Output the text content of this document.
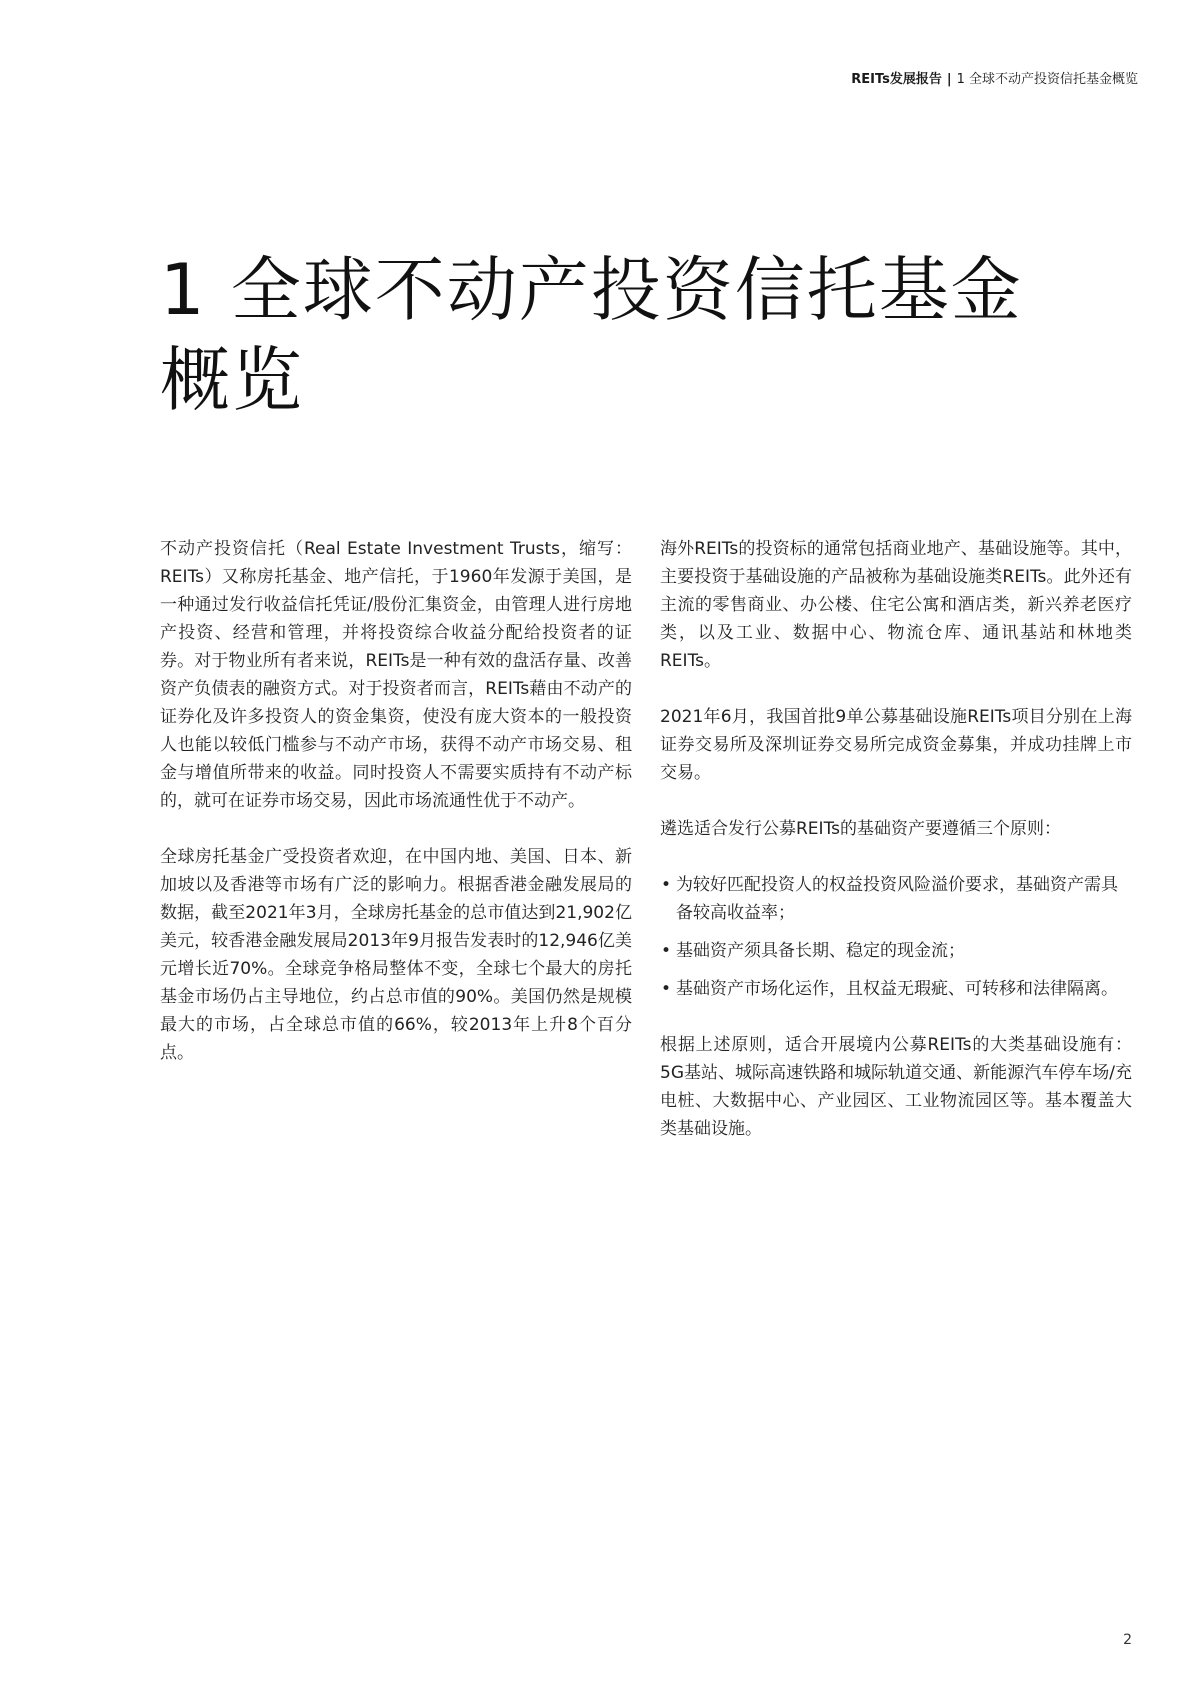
REITs发展报告 | 1 全球不动产投资信托基金概览
1 全球不动产投资信托基金
概览

不动产投资信托（Real Estate Investment Trusts，缩写：REITs）又称房托基金、地产信托，于1960年发源于美国，是一种通过发行收益信托凭证/股份汇集资金，由管理人进行房地产投资、经营和管理，并将投资综合收益分配给投资者的证券。对于物业所有者来说，REITs是一种有效的盘活存量、改善资产负债表的融资方式。对于投资者而言，REITs藉由不动产的证券化及许多投资人的资金集资，使没有庞大资本的一般投资人也能以较低门槛参与不动产市场，获得不动产市场交易、租金与增值所带来的收益。同时投资人不需要实质持有不动产标的，就可在证券市场交易，因此市场流通性优于不动产。

全球房托基金广受投资者欢迎，在中国内地、美国、日本、新加坡以及香港等市场有广泛的影响力。根据香港金融发展局的数据，截至2021年3月，全球房托基金的总市值达到21,902亿美元，较香港金融发展局2013年9月报告发表时的12,946亿美元增长近70%。全球竞争格局整体不变，全球七个最大的房托基金市场仍占主导地位，约占总市值的90%。美国仍然是规模最大的市场，占全球总市值的66%，较2013年上升8个百分点。

海外REITs的投资标的通常包括商业地产、基础设施等。其中，主要投资于基础设施的产品被称为基础设施类REITs。此外还有主流的零售商业、办公楼、住宅公寓和酒店类，新兴养老医疗类，以及工业、数据中心、物流仓库、通讯基站和林地类REITs。

2021年6月，我国首批9单公募基础设施REITs项目分别在上海证券交易所及深圳证券交易所完成资金募集，并成功挂牌上市交易。

遴选适合发行公募REITs的基础资产要遵循三个原则：

• 为较好匹配投资人的权益投资风险溢价要求，基础资产需具备较高收益率；
• 基础资产须具备长期、稳定的现金流；
• 基础资产市场化运作，且权益无瑕疵、可转移和法律隔离。

根据上述原则，适合开展境内公募REITs的大类基础设施有：5G基站、城际高速铁路和城际轨道交通、新能源汽车停车场/充电桩、大数据中心、产业园区、工业物流园区等。基本覆盖大类基础设施。

2
